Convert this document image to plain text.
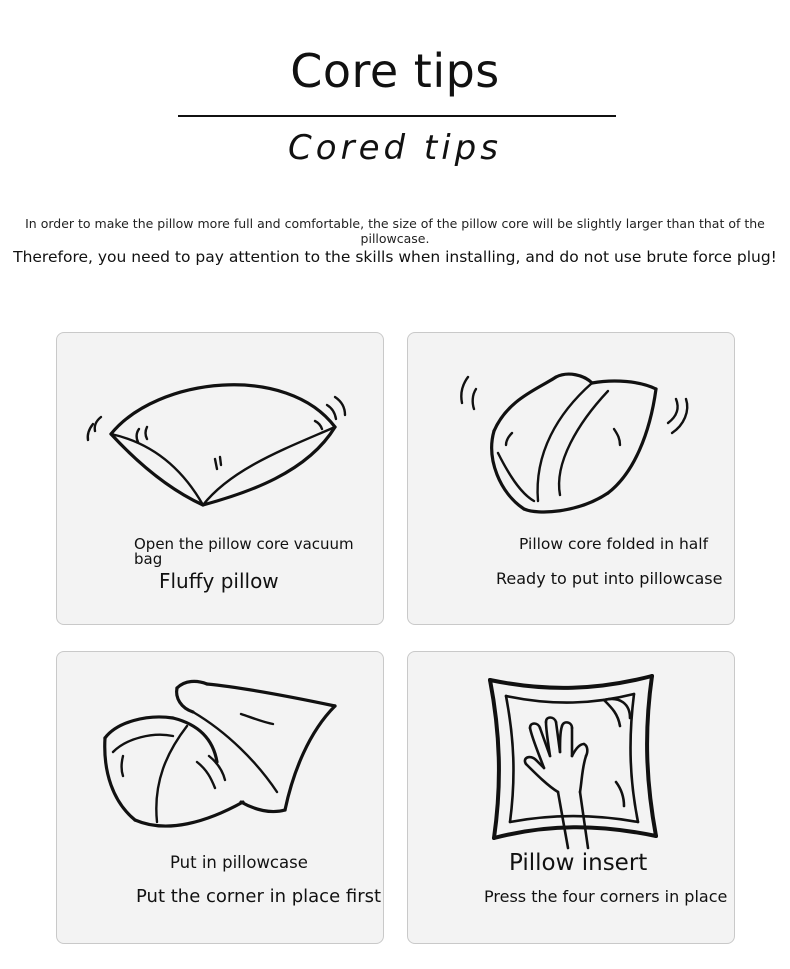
Core tips
Cored tips
In order to make the pillow more full and comfortable, the size of the pillow core will be slightly larger than that of the pillowcase.
Therefore, you need to pay attention to the skills when installing, and do not use brute force plug!
Open the pillow core vacuum bag
Fluffy pillow
Pillow core folded in half
Ready to put into pillowcase
Put in pillowcase
Put the corner in place first
Pillow insert
Press the four corners in place
